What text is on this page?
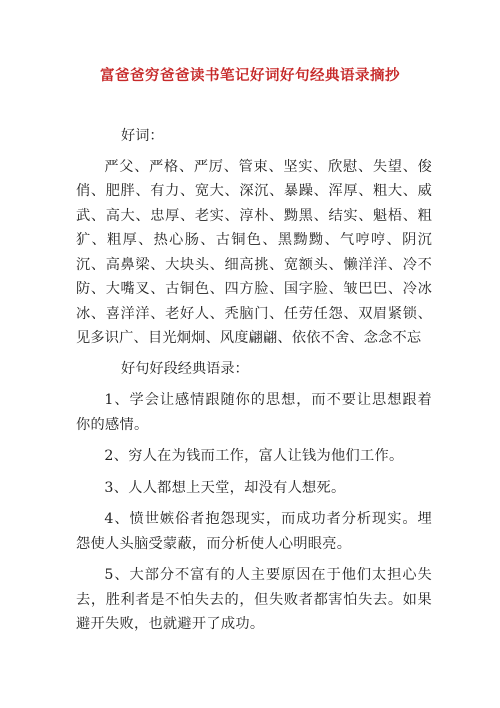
富爸爸穷爸爸读书笔记好词好句经典语录摘抄

好词：

严父、严格、严厉、管束、坚实、欣慰、失望、俊俏、肥胖、有力、宽大、深沉、暴躁、浑厚、粗大、威武、高大、忠厚、老实、淳朴、黝黑、结实、魁梧、粗犷、粗厚、热心肠、古铜色、黑黝黝、气哼哼、阴沉沉、高鼻梁、大块头、细高挑、宽额头、懒洋洋、冷不防、大嘴叉、古铜色、四方脸、国字脸、皱巴巴、冷冰冰、喜洋洋、老好人、秃脑门、任劳任怨、双眉紧锁、见多识广、目光炯炯、风度翩翩、依依不舍、念念不忘

好句好段经典语录：

1、学会让感情跟随你的思想，而不要让思想跟着你的感情。

2、穷人在为钱而工作，富人让钱为他们工作。

3、人人都想上天堂，却没有人想死。

4、愤世嫉俗者抱怨现实，而成功者分析现实。埋怨使人头脑受蒙蔽，而分析使人心明眼亮。

5、大部分不富有的人主要原因在于他们太担心失去，胜利者是不怕失去的，但失败者都害怕失去。如果避开失败，也就避开了成功。
